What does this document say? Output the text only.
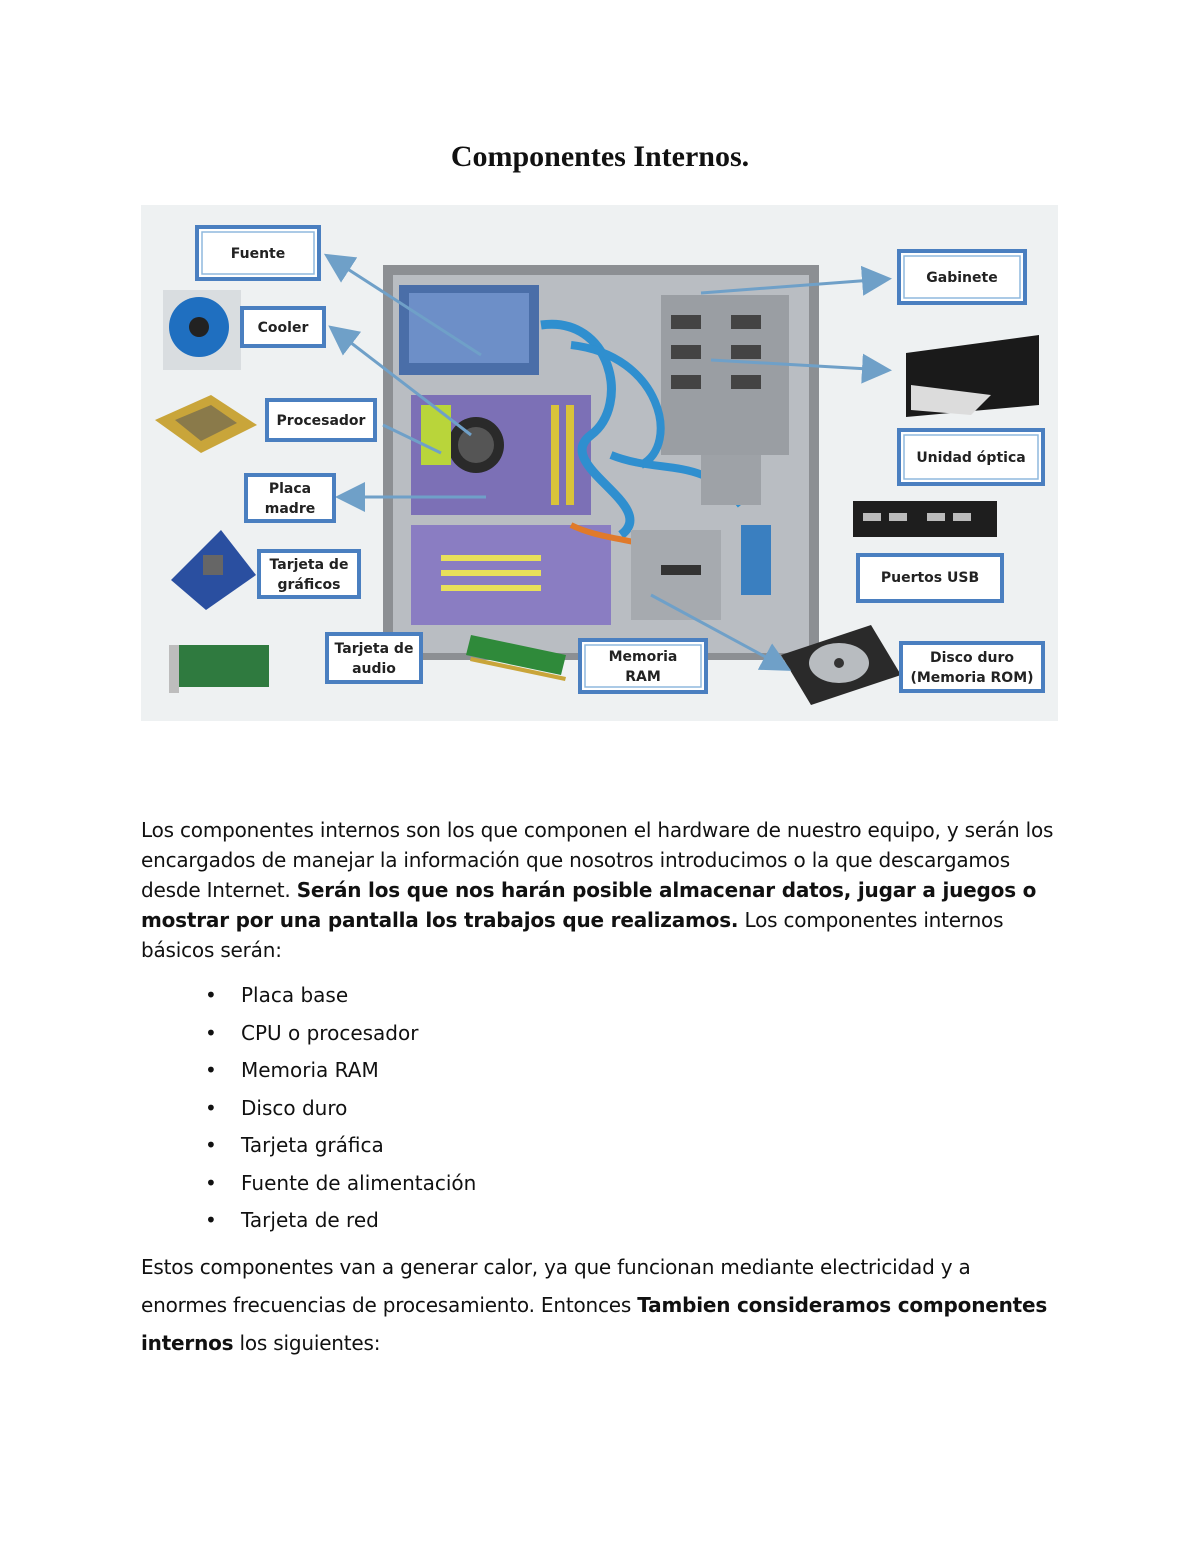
Componentes Internos.
Fuente
Cooler
Procesador
Placa
madre
Tarjeta de
gráficos
Tarjeta de
audio
Memoria
RAM
Gabinete
Unidad óptica
Puertos USB
Disco duro
(Memoria ROM)

Los componentes internos son los que componen el hardware de nuestro equipo, y serán los encargados de manejar la información que nosotros introducimos o la que descargamos desde Internet. Serán los que nos harán posible almacenar datos, jugar a juegos o mostrar por una pantalla los trabajos que realizamos. Los componentes internos básicos serán:

• Placa base
• CPU o procesador
• Memoria RAM
• Disco duro
• Tarjeta gráfica
• Fuente de alimentación
• Tarjeta de red

Estos componentes van a generar calor, ya que funcionan mediante electricidad y a enormes frecuencias de procesamiento. Entonces Tambien consideramos componentes internos los siguientes:
